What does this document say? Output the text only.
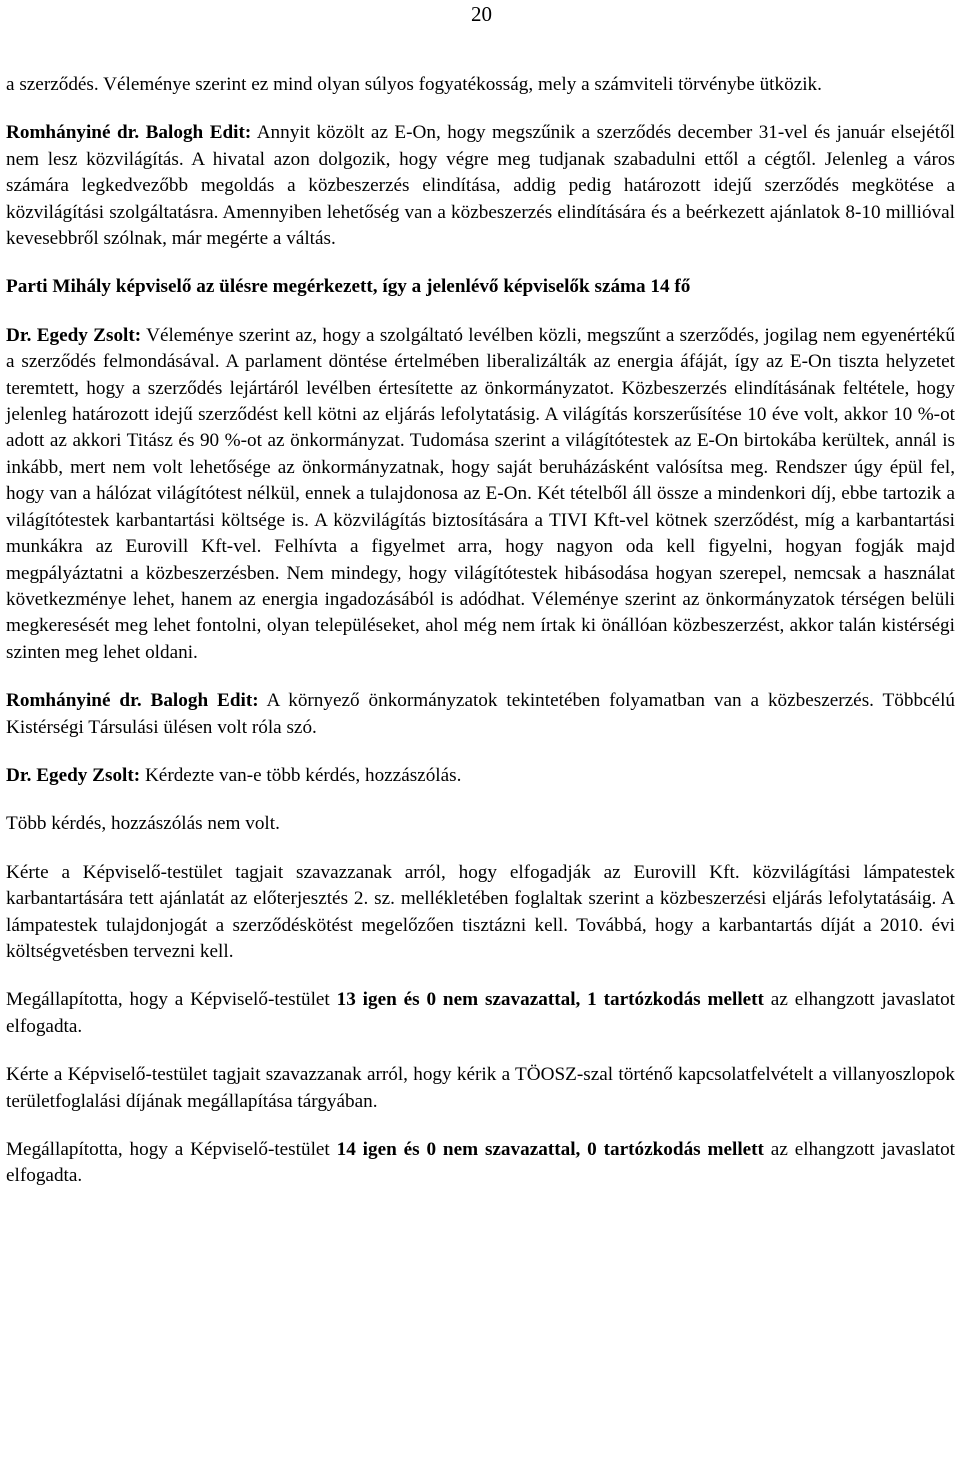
20

a szerződés. Véleménye szerint ez mind olyan súlyos fogyatékosság, mely a számviteli törvénybe ütközik.

Romhányiné dr. Balogh Edit: Annyit közölt az E-On, hogy megszűnik a szerződés december 31-vel és január elsejétől nem lesz közvilágítás. A hivatal azon dolgozik, hogy végre meg tudjanak szabadulni ettől a cégtől. Jelenleg a város számára legkedvezőbb megoldás a közbeszerzés elindítása, addig pedig határozott idejű szerződés megkötése a közvilágítási szolgáltatásra. Amennyiben lehetőség van a közbeszerzés elindítására és a beérkezett ajánlatok 8-10 millióval kevesebbről szólnak, már megérte a váltás.

Parti Mihály képviselő az ülésre megérkezett, így a jelenlévő képviselők száma 14 fő

Dr. Egedy Zsolt: Véleménye szerint az, hogy a szolgáltató levélben közli, megszűnt a szerződés, jogilag nem egyenértékű a szerződés felmondásával. A parlament döntése értelmében liberalizálták az energia áfáját, így az E-On tiszta helyzetet teremtett, hogy a szerződés lejártáról levélben értesítette az önkormányzatot. Közbeszerzés elindításának feltétele, hogy jelenleg határozott idejű szerződést kell kötni az eljárás lefolytatásig. A világítás korszerűsítése 10 éve volt, akkor 10 %-ot adott az akkori Titász és 90 %-ot az önkormányzat. Tudomása szerint a világítótestek az E-On birtokába kerültek, annál is inkább, mert nem volt lehetősége az önkormányzatnak, hogy saját beruházásként valósítsa meg. Rendszer úgy épül fel, hogy van a hálózat világítótest nélkül, ennek a tulajdonosa az E-On. Két tételből áll össze a mindenkori díj, ebbe tartozik a világítótestek karbantartási költsége is. A közvilágítás biztosítására a TIVI Kft-vel kötnek szerződést, míg a karbantartási munkákra az Eurovill Kft-vel. Felhívta a figyelmet arra, hogy nagyon oda kell figyelni, hogyan fogják majd megpályáztatni a közbeszerzésben. Nem mindegy, hogy világítótestek hibásodása hogyan szerepel, nemcsak a használat következménye lehet, hanem az energia ingadozásából is adódhat. Véleménye szerint az önkormányzatok térségen belüli megkeresését meg lehet fontolni, olyan településeket, ahol még nem írtak ki önállóan közbeszerzést, akkor talán kistérségi szinten meg lehet oldani.

Romhányiné dr. Balogh Edit: A környező önkormányzatok tekintetében folyamatban van a közbeszerzés. Többcélú Kistérségi Társulási ülésen volt róla szó.

Dr. Egedy Zsolt: Kérdezte van-e több kérdés, hozzászólás.

Több kérdés, hozzászólás nem volt.

Kérte a Képviselő-testület tagjait szavazzanak arról, hogy elfogadják az Eurovill Kft. közvilágítási lámpatestek karbantartására tett ajánlatát az előterjesztés 2. sz. mellékletében foglaltak szerint a közbeszerzési eljárás lefolytatásáig. A lámpatestek tulajdonjogát a szerződéskötést megelőzően tisztázni kell. Továbbá, hogy a karbantartás díját a 2010. évi költségvetésben tervezni kell.

Megállapította, hogy a Képviselő-testület 13 igen és 0 nem szavazattal, 1 tartózkodás mellett az elhangzott javaslatot elfogadta.

Kérte a Képviselő-testület tagjait szavazzanak arról, hogy kérik a TÖOSZ-szal történő kapcsolatfelvételt a villanyoszlopok területfoglalási díjának megállapítása tárgyában.

Megállapította, hogy a Képviselő-testület 14 igen és 0 nem szavazattal, 0 tartózkodás mellett az elhangzott javaslatot elfogadta.
